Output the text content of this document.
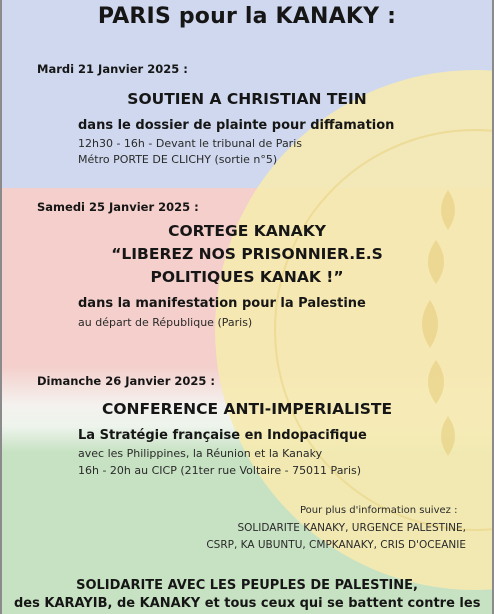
PARIS pour la KANAKY :
Mardi 21 Janvier 2025 :
SOUTIEN A CHRISTIAN TEIN
dans le dossier de plainte pour diffamation
12h30 - 16h - Devant le tribunal de Paris
Métro PORTE DE CLICHY (sortie n°5)
Samedi 25 Janvier 2025 :
CORTEGE KANAKY
“LIBEREZ NOS PRISONNIER.E.S
POLITIQUES KANAK !”
dans la manifestation pour la Palestine
au départ de République (Paris)
Dimanche 26 Janvier 2025 :
CONFERENCE ANTI-IMPERIALISTE
La Stratégie française en Indopacifique
avec les Philippines, la Réunion et la Kanaky
16h - 20h au CICP (21ter rue Voltaire - 75011 Paris)
Pour plus d'information suivez :
SOLIDARITE KANAKY, URGENCE PALESTINE,
CSRP, KA UBUNTU, CMPKANAKY, CRIS D'OCEANIE
SOLIDARITE AVEC LES PEUPLES DE PALESTINE,
des KARAYIB, de KANAKY et tous ceux qui se battent contre les
